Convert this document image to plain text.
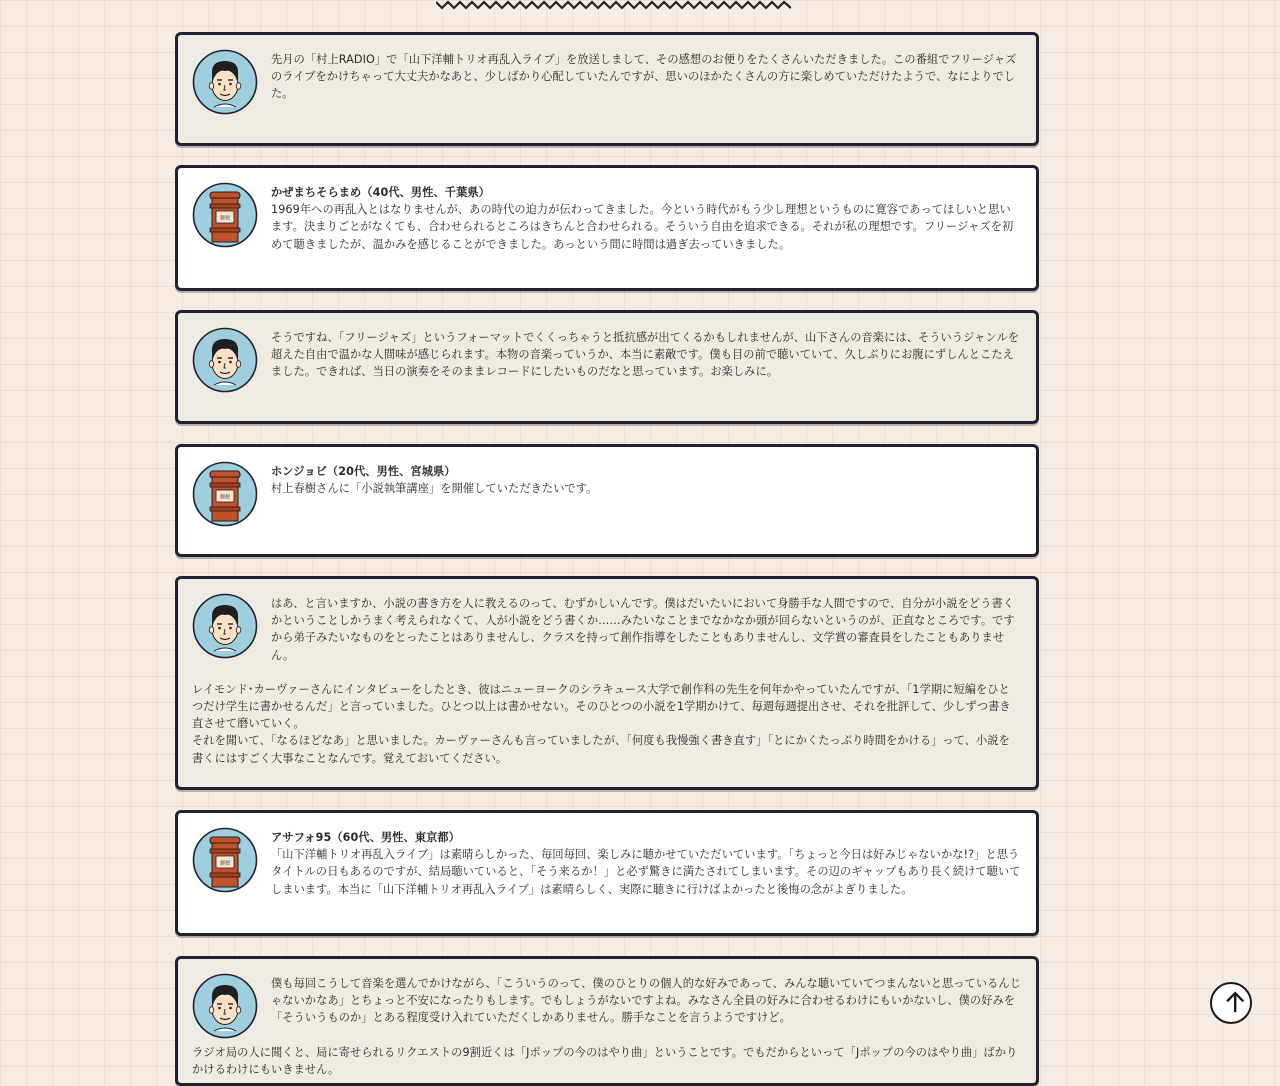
先月の「村上RADIO」で「山下洋輔トリオ再乱入ライブ」を放送しまして、その感想のお便りをたくさんいただきました。この番組でフリージャズのライブをかけちゃって大丈夫かなあと、少しばかり心配していたんですが、思いのほかたくさんの方に楽しめていただけたようで、なによりでした。

郵便

かぜまちそらまめ（40代、男性、千葉県）

1969年への再乱入とはなりませんが、あの時代の迫力が伝わってきました。今という時代がもう少し理想というものに寛容であってほしいと思います。決まりごとがなくても、合わせられるところはきちんと合わせられる。そういう自由を追求できる。それが私の理想です。フリージャズを初めて聴きましたが、温かみを感じることができました。あっという間に時間は過ぎ去っていきました。

そうですね、「フリージャズ」というフォーマットでくくっちゃうと抵抗感が出てくるかもしれませんが、山下さんの音楽には、そういうジャンルを超えた自由で温かな人間味が感じられます。本物の音楽っていうか、本当に素敵です。僕も目の前で聴いていて、久しぶりにお腹にずしんとこたえました。できれば、当日の演奏をそのままレコードにしたいものだなと思っています。お楽しみに。

郵便

ホンジョビ（20代、男性、宮城県）

村上春樹さんに「小説執筆講座」を開催していただきたいです。

はあ、と言いますか、小説の書き方を人に教えるのって、むずかしいんです。僕はだいたいにおいて身勝手な人間ですので、自分が小説をどう書くかということしかうまく考えられなくて、人が小説をどう書くか……みたいなことまでなかなか頭が回らないというのが、正直なところです。ですから弟子みたいなものをとったことはありませんし、クラスを持って創作指導をしたこともありませんし、文学賞の審査員をしたこともありません。

レイモンド･カーヴァーさんにインタビューをしたとき、彼はニューヨークのシラキュース大学で創作科の先生を何年かやっていたんですが、「1学期に短編をひとつだけ学生に書かせるんだ」と言っていました。ひとつ以上は書かせない。そのひとつの小説を1学期かけて、毎週毎週提出させ、それを批評して、少しずつ書き直させて磨いていく。

それを聞いて、「なるほどなあ」と思いました。カーヴァーさんも言っていましたが、「何度も我慢強く書き直す」「とにかくたっぷり時間をかける」って、小説を書くにはすごく大事なことなんです。覚えておいてください。

郵便

アサフォ95（60代、男性、東京都）

「山下洋輔トリオ再乱入ライブ」は素晴らしかった、毎回毎回、楽しみに聴かせていただいています。「ちょっと今日は好みじゃないかな!?」と思うタイトルの日もあるのですが、結局聴いていると、「そう来るか！」と必ず驚きに満たされてしまいます。その辺のギャップもあり長く続けて聴いてしまいます。本当に「山下洋輔トリオ再乱入ライブ」は素晴らしく、実際に聴きに行けばよかったと後悔の念がよぎりました。

僕も毎回こうして音楽を選んでかけながら、「こういうのって、僕のひとりの個人的な好みであって、みんな聴いていてつまんないと思っているんじゃないかなあ」とちょっと不安になったりもします。でもしょうがないですよね。みなさん全員の好みに合わせるわけにもいかないし、僕の好みを「そういうものか」とある程度受け入れていただくしかありません。勝手なことを言うようですけど。

ラジオ局の人に聞くと、局に寄せられるリクエストの9割近くは「Jポップの今のはやり曲」ということです。でもだからといって「Jポップの今のはやり曲」ばかりかけるわけにもいきません。
